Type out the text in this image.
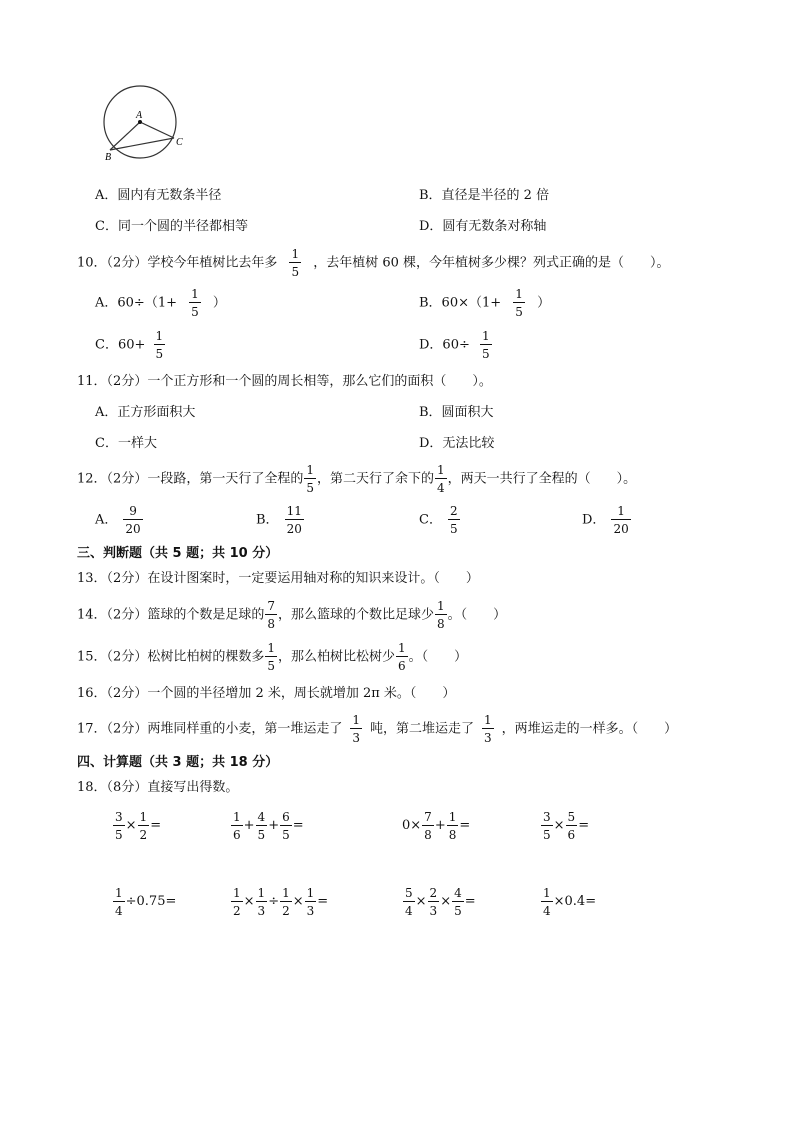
A
B
C
A．圆内有无数条半径	B．直径是半径的 2 倍
C．同一个圆的半径都相等	D．圆有无数条对称轴
10．（2分）学校今年植树比去年多 $\frac{1}{5}$ ，去年植树 60 棵，今年植树多少棵？列式正确的是（　　）。
A．$60\div(1+ \frac{1}{5}$ ）	B．$60\times(1+ \frac{1}{5}$ ）
C．$60+ \frac{1}{5}$	D．$60\div \frac{1}{5}$
11．（2分）一个正方形和一个圆的周长相等，那么它们的面积（　　）。
A．正方形面积大	B．圆面积大
C．一样大	D．无法比较
12．（2分）一段路，第一天行了全程的 $\frac{1}{5}$ ，第二天行了余下的 $\frac{1}{4}$ ，两天一共行了全程的（　　）。
A． $\frac{9}{20}$	B． $\frac{11}{20}$	C． $\frac{2}{5}$	D． $\frac{1}{20}$
三、判断题（共 5 题；共 10 分）
13．（2分）在设计图案时，一定要运用轴对称的知识来设计。（　　）
14．（2分）篮球的个数是足球的 $\frac{7}{8}$ ，那么篮球的个数比足球少 $\frac{1}{8}$ 。（　　）
15．（2分）松树比柏树的棵数多 $\frac{1}{5}$ ，那么柏树比松树少 $\frac{1}{6}$ 。（　　）
16．（2分）一个圆的半径增加 2 米，周长就增加 2π 米。（　　）
17．（2分）两堆同样重的小麦，第一堆运走了 $\frac{1}{3}$ 吨，第二堆运走了 $\frac{1}{3}$ ，两堆运走的一样多。（　　）
四、计算题（共 3 题；共 18 分）
18．（8分）直接写出得数。
$\frac{3}{5} \times \frac{1}{2}$ =	$\frac{1}{6} + \frac{4}{5} + \frac{6}{5}$ =	$0\times \frac{7}{8} + \frac{1}{8}$ =	$\frac{3}{5} \times \frac{5}{6}$ =
$\frac{1}{4} \div 0.75=$	$\frac{1}{2} \times \frac{1}{3} \div \frac{1}{2} \times \frac{1}{3}$ =	$\frac{5}{4} \times \frac{2}{3} \times \frac{4}{5}$ =	$\frac{1}{4} \times 0.4=$
